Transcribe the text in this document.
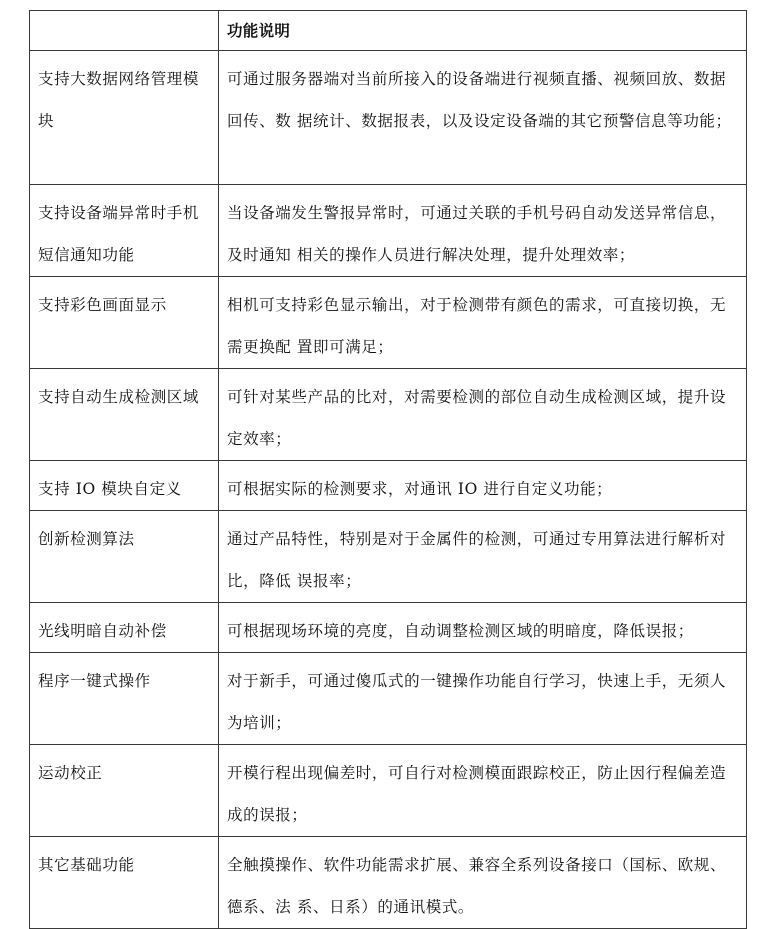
	功能说明
支持大数据网络管理模块	可通过服务器端对当前所接入的设备端进行视频直播、视频回放、数据回传、数 据统计、数据报表，以及设定设备端的其它预警信息等功能；
支持设备端异常时手机 短信通知功能	当设备端发生警报异常时，可通过关联的手机号码自动发送异常信息，及时通知 相关的操作人员进行解决处理，提升处理效率；
支持彩色画面显示	相机可支持彩色显示输出，对于检测带有颜色的需求，可直接切换，无需更换配 置即可满足；
支持自动生成检测区域	可针对某些产品的比对，对需要检测的部位自动生成检测区域，提升设定效率；
支持 IO 模块自定义	可根据实际的检测要求，对通讯 IO 进行自定义功能；
创新检测算法	通过产品特性，特别是对于金属件的检测，可通过专用算法进行解析对比，降低 误报率；
光线明暗自动补偿	可根据现场环境的亮度，自动调整检测区域的明暗度，降低误报；
程序一键式操作	对于新手，可通过傻瓜式的一键操作功能自行学习，快速上手，无须人为培训；
运动校正	开模行程出现偏差时，可自行对检测模面跟踪校正，防止因行程偏差造成的误报；
其它基础功能	全触摸操作、软件功能需求扩展、兼容全系列设备接口（国标、欧规、德系、法 系、日系）的通讯模式。
